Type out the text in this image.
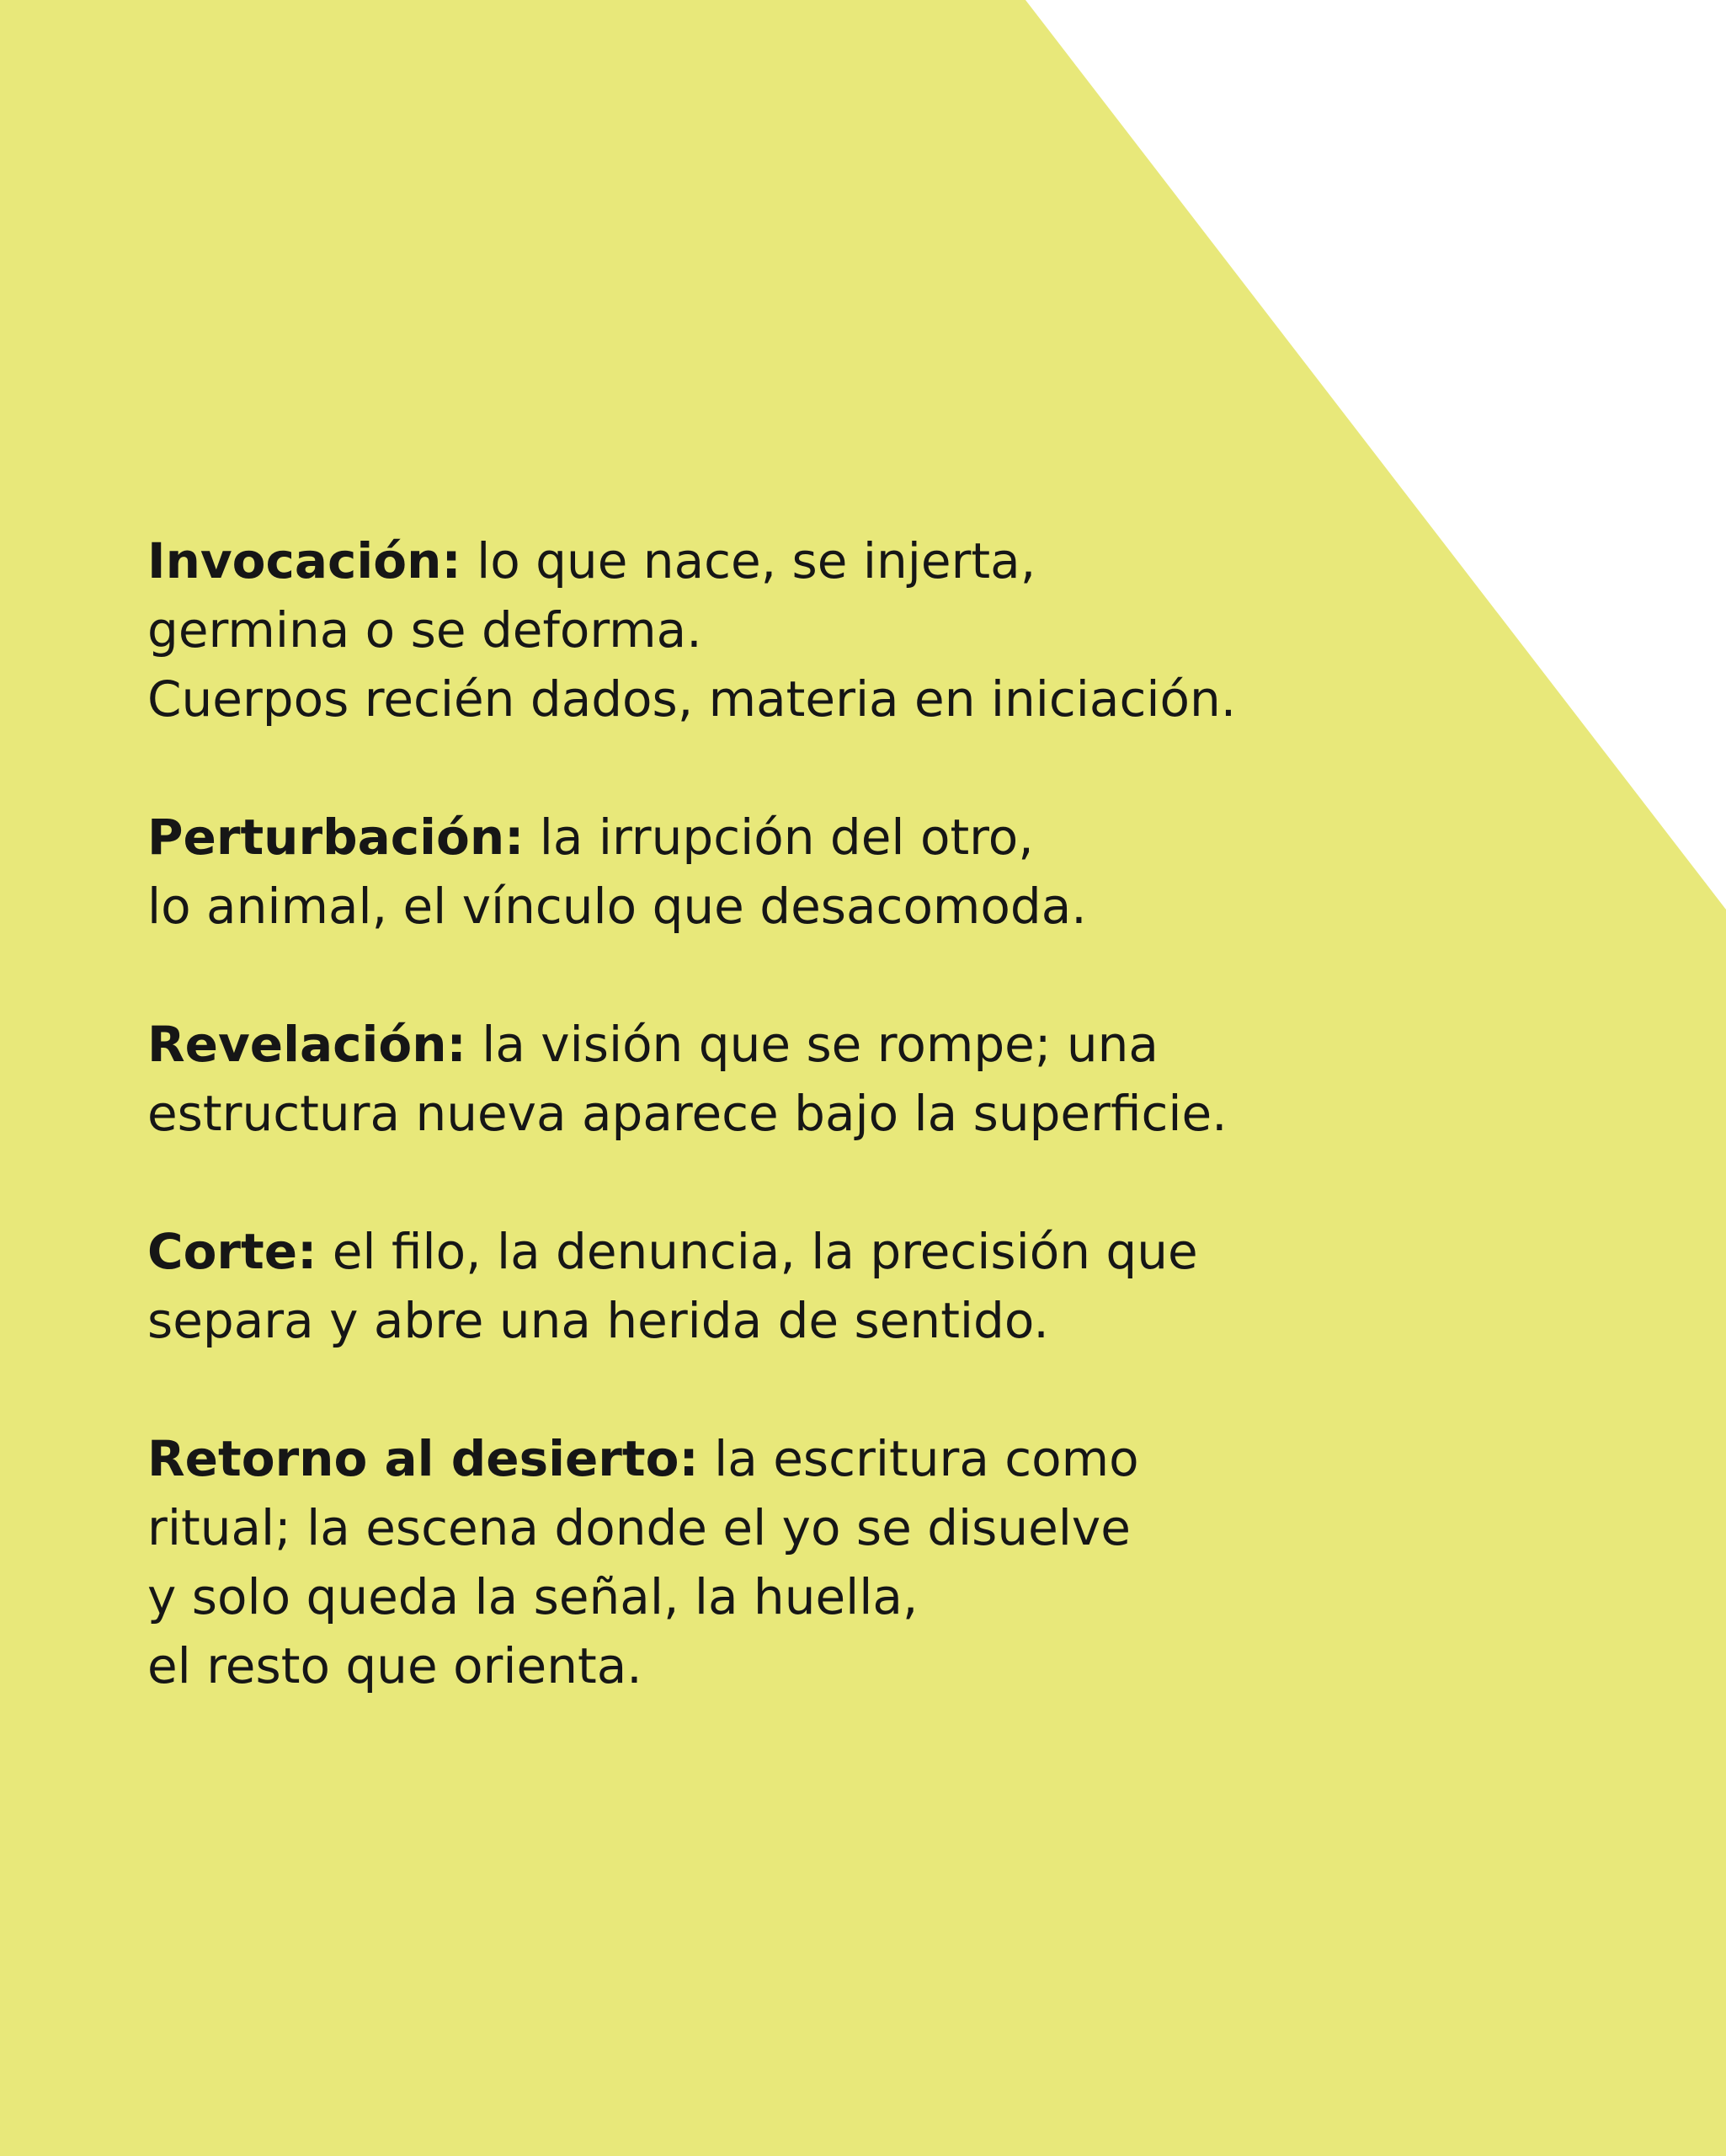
Invocación: lo que nace, se injerta,
germina o se deforma.
Cuerpos recién dados, materia en iniciación.
Perturbación: la irrupción del otro,
lo animal, el vínculo que desacomoda.
Revelación: la visión que se rompe; una
estructura nueva aparece bajo la superficie.
Corte: el filo, la denuncia, la precisión que
separa y abre una herida de sentido.
Retorno al desierto: la escritura como
ritual; la escena donde el yo se disuelve
y solo queda la señal, la huella,
el resto que orienta.
